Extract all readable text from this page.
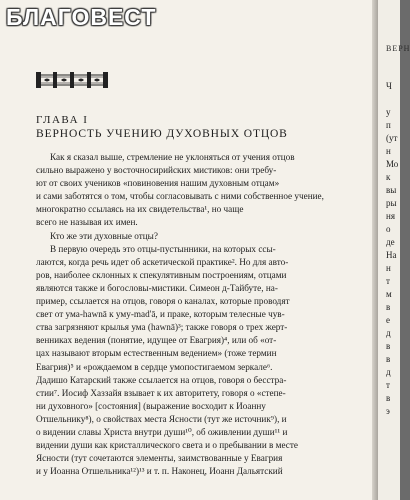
ВЕРН
Ч
у
п
(ут
н
Мо
к
вы
ры
ня
о
де
На
н
т
м
в
е
д
в
в
д
т
в
э
БЛАГОВЕСТ
ГЛАВА I
ВЕРНОСТЬ УЧЕНИЮ ДУХОВНЫХ ОТЦОВ
Как я сказал выше, стремление не уклоняться от учения отцов
сильно выражено у восточносирийских мистиков: они требу-
ют от своих учеников «повиновения нашим духовным отцам»
и сами заботятся о том, чтобы согласовывать с ними собственное учение, многократно ссылаясь на их свидетельства¹, но чаще
всего не называя их имен.
Кто же эти духовные отцы?
В первую очередь это отцы-пустынники, на которых ссы-
лаются, когда речь идет об аскетической практике². Но для авто-
ров, наиболее склонных к спекулятивным построениям, отцами
являются также и богословы-мистики. Симеон д-Тайбуте, на-
пример, ссылается на отцов, говоря о каналах, которые проводят
свет от ума-hawnā к уму-mad'ā, и праке, которым телесные чув-
ства загрязняют крылья ума (hawnā)³; также говоря о трех жерт-
венниках ведения (понятие, идущее от Евагрия)⁴, или об «от-
цах называют вторым естественным ведением» (тоже термин
Евагрия)⁵ и «рождаемом в сердце умопостигаемом зеркале⁶.
Дадишо Катарский также ссылается на отцов, говоря о бесстра-
стии⁷. Иосиф Хаззайя взывает к их авторитету, говоря о «степе-
ни духовного» [состояния] (выражение восходит к Иоанну
Отшельнику⁸), о свойствах места Ясности (тут же источник⁹), и
о видении славы Христа внутри души¹⁰, об оживлении души¹¹ и
видении души как кристаллического света и о пребывании в месте
Ясности (тут сочетаются элементы, заимствованные у Евагрия
и у Иоанна Отшельника¹²)¹³ и т. п. Наконец, Иоанн Дальятский
